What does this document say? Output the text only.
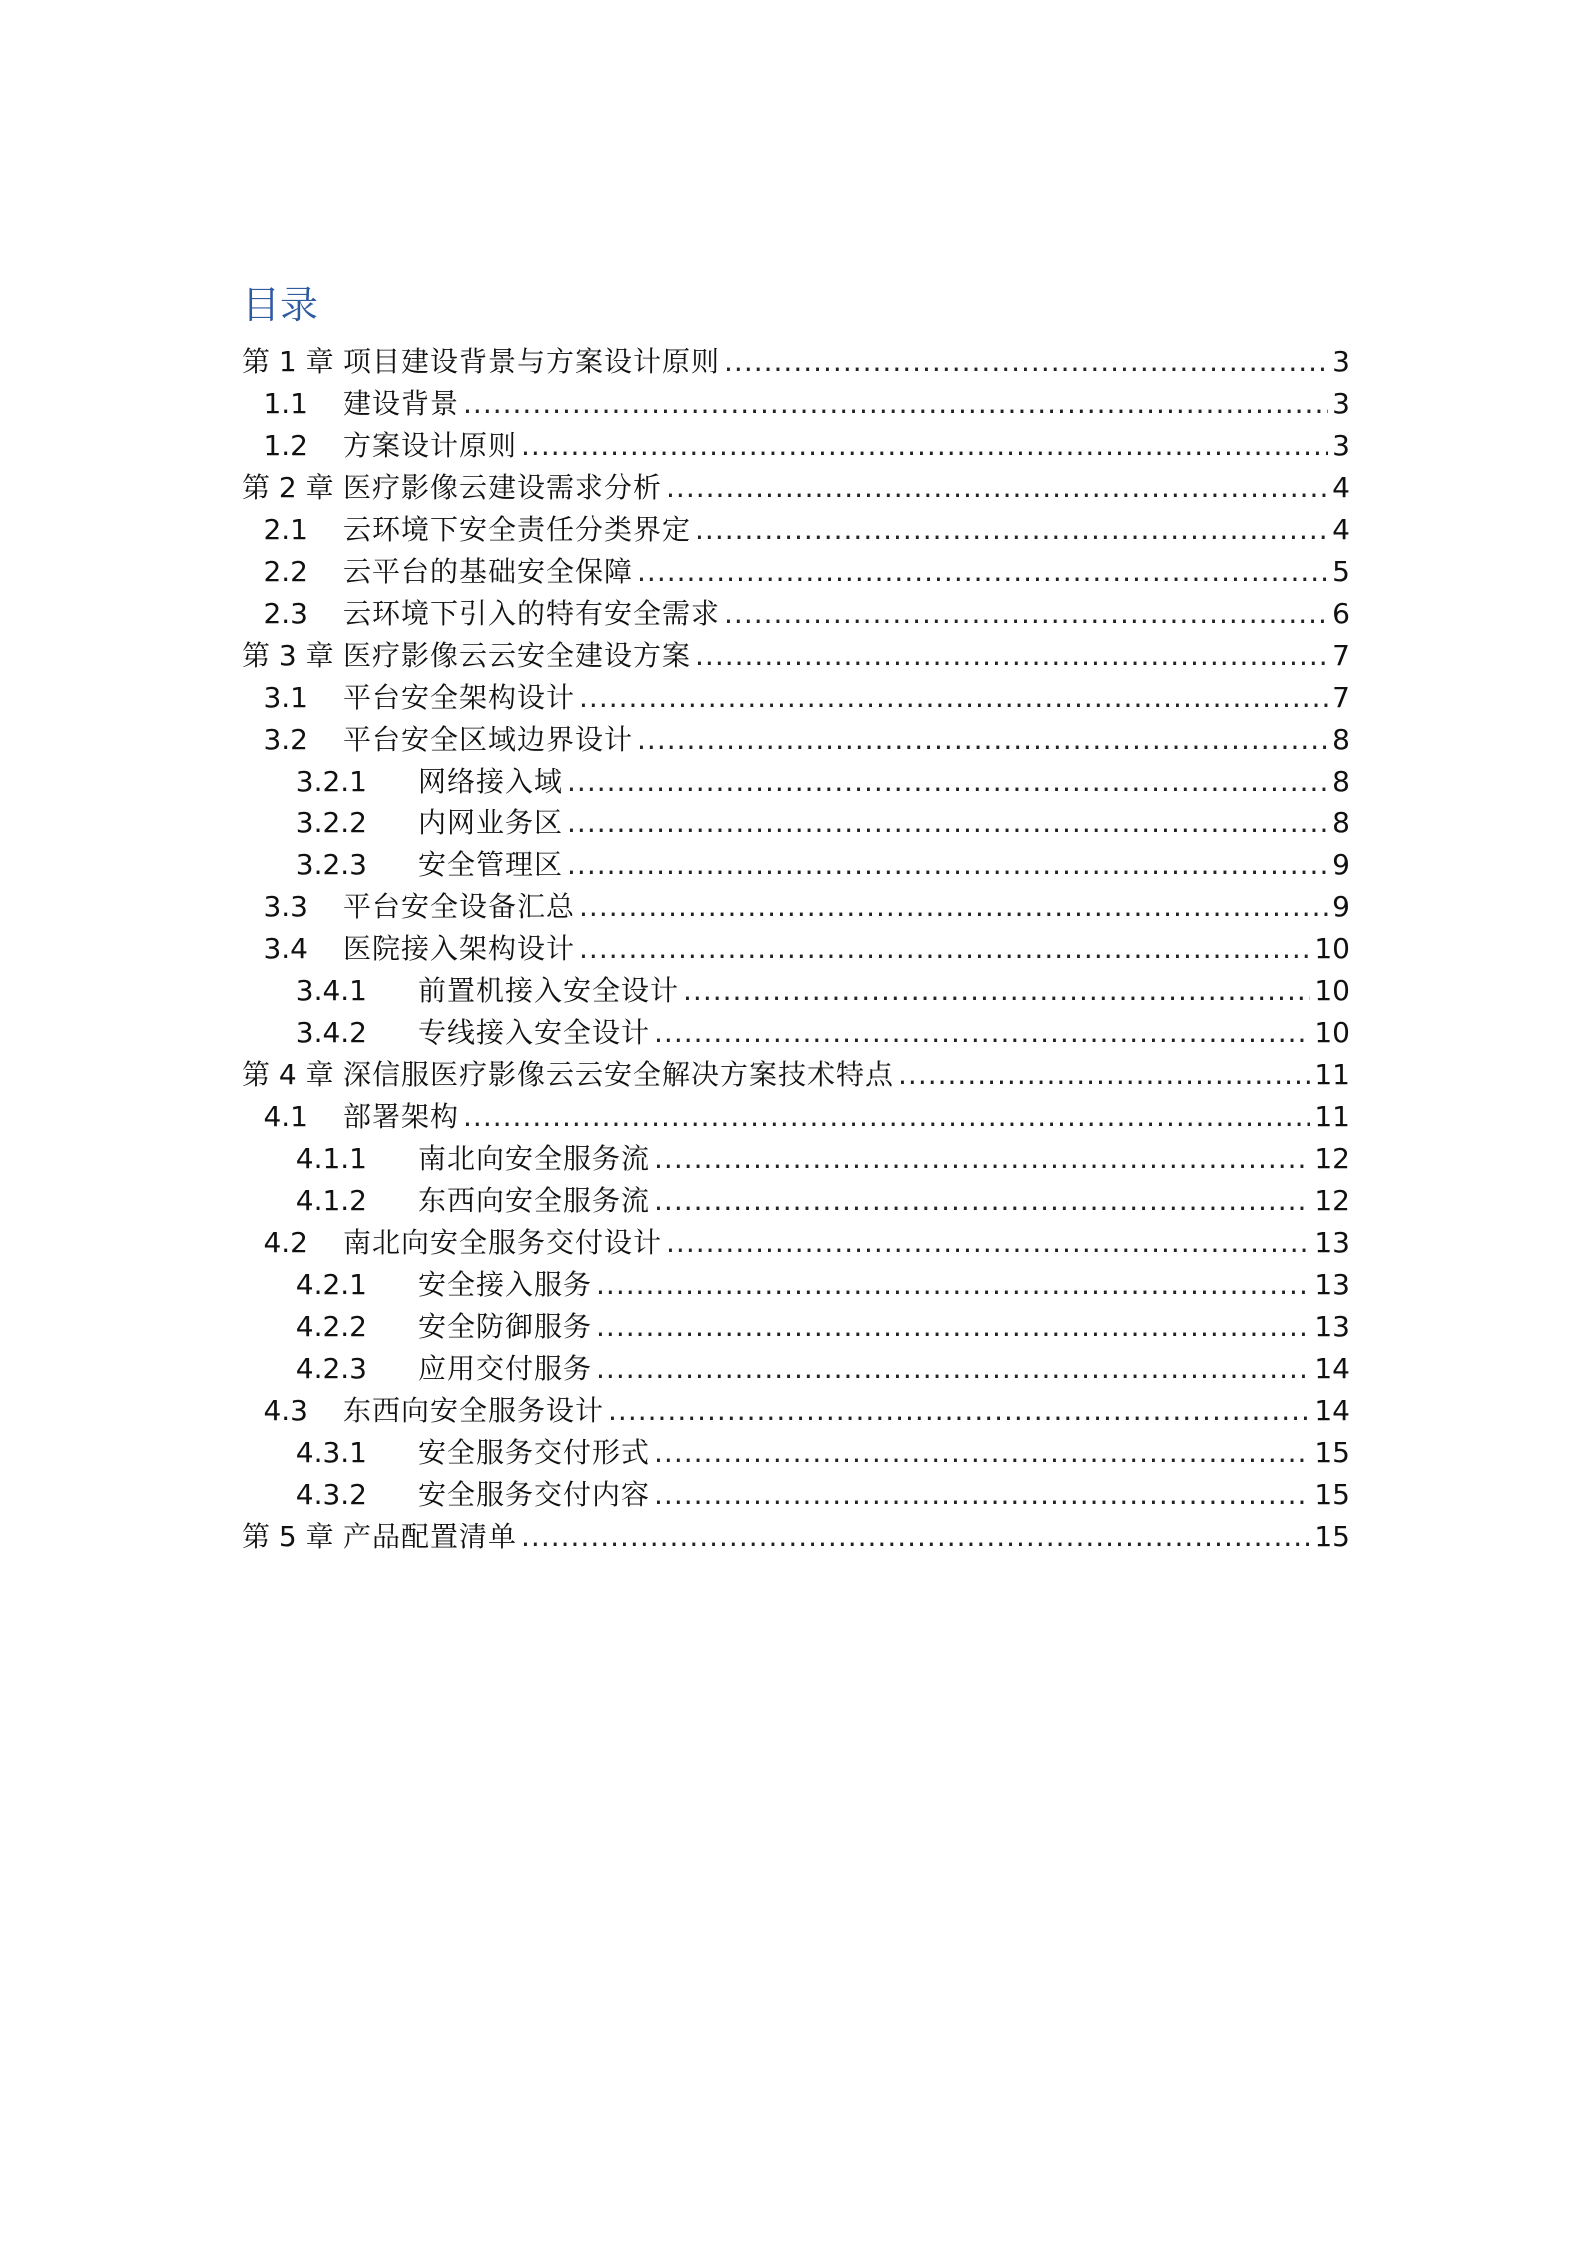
目录
第 1 章 项目建设背景与方案设计原则 .....	3
1.1	建设背景 .....	3
1.2	方案设计原则 .....	3
第 2 章 医疗影像云建设需求分析 .....	4
2.1	云环境下安全责任分类界定 .....	4
2.2	云平台的基础安全保障 .....	5
2.3	云环境下引入的特有安全需求 .....	6
第 3 章 医疗影像云云安全建设方案 .....	7
3.1	平台安全架构设计 .....	7
3.2	平台安全区域边界设计 .....	8
3.2.1	网络接入域 .....	8
3.2.2	内网业务区 .....	8
3.2.3	安全管理区 .....	9
3.3	平台安全设备汇总 .....	9
3.4	医院接入架构设计 .....	10
3.4.1	前置机接入安全设计 .....	10
3.4.2	专线接入安全设计 .....	10
第 4 章 深信服医疗影像云云安全解决方案技术特点 .....	11
4.1	部署架构 .....	11
4.1.1	南北向安全服务流 .....	12
4.1.2	东西向安全服务流 .....	12
4.2	南北向安全服务交付设计 .....	13
4.2.1	安全接入服务 .....	13
4.2.2	安全防御服务 .....	13
4.2.3	应用交付服务 .....	14
4.3	东西向安全服务设计 .....	14
4.3.1	安全服务交付形式 .....	15
4.3.2	安全服务交付内容 .....	15
第 5 章 产品配置清单 .....	15
